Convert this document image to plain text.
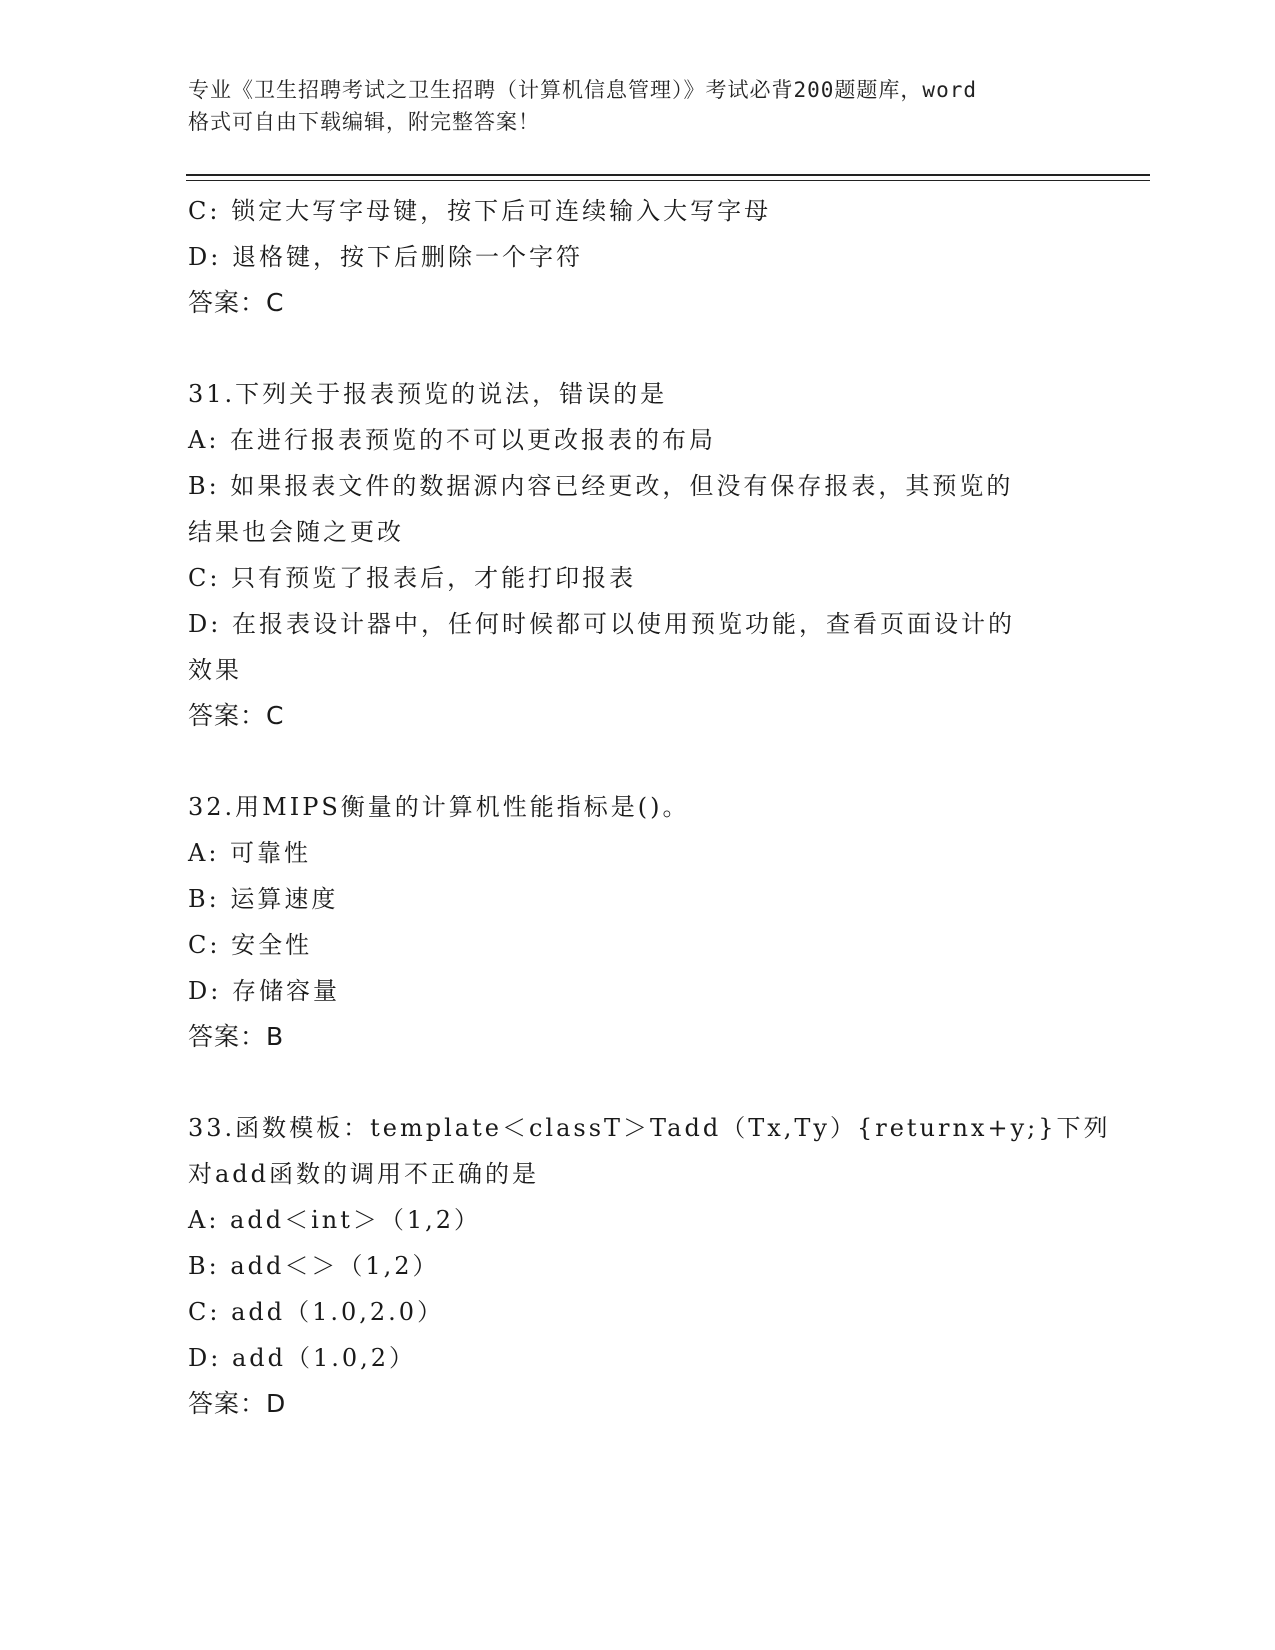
专业《卫生招聘考试之卫生招聘（计算机信息管理）》考试必背200题题库，word
格式可自由下载编辑，附完整答案！
C: 锁定大写字母键，按下后可连续输入大写字母
D: 退格键，按下后删除一个字符
答案：C
31.下列关于报表预览的说法，错误的是
A: 在进行报表预览的不可以更改报表的布局
B: 如果报表文件的数据源内容已经更改，但没有保存报表，其预览的
结果也会随之更改
C: 只有预览了报表后，才能打印报表
D: 在报表设计器中，任何时候都可以使用预览功能，查看页面设计的
效果
答案：C
32.用MIPS衡量的计算机性能指标是()。
A: 可靠性
B: 运算速度
C: 安全性
D: 存储容量
答案：B
33.函数模板：template＜classT＞Tadd（Tx,Ty）{returnx+y;}下列
对add函数的调用不正确的是
A: add＜int＞（1,2）
B: add＜＞（1,2）
C: add（1.0,2.0）
D: add（1.0,2）
答案：D
